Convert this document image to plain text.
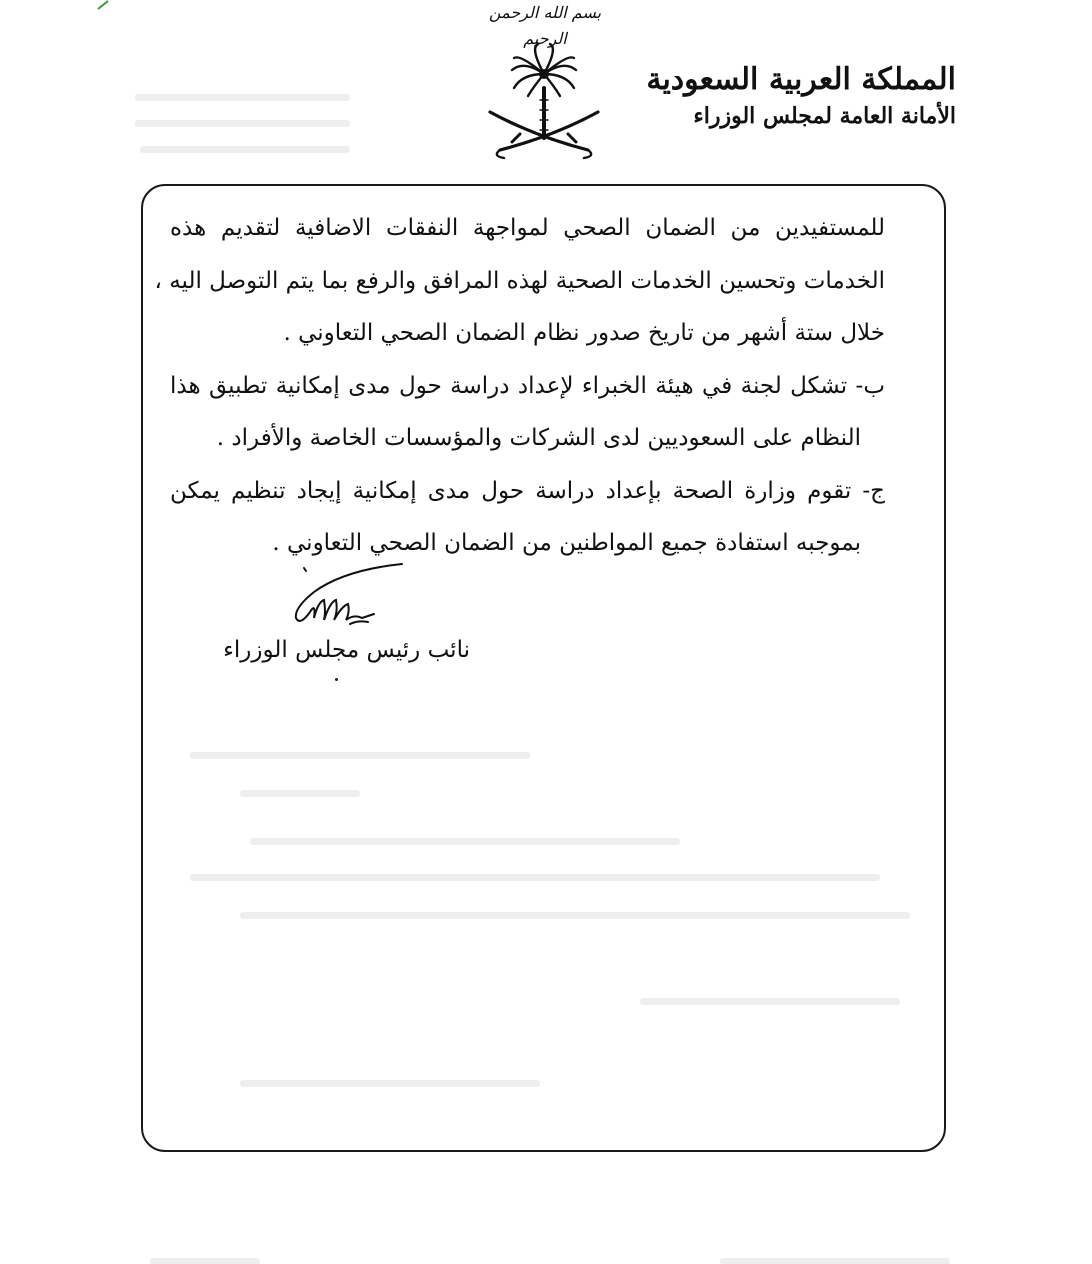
بسم الله الرحمن الرحيم
المملكة العربية السعودية
الأمانة العامة لمجلس الوزراء
للمستفيدين من الضمان الصحي لمواجهة النفقات الاضافية لتقديم هذه
الخدمات وتحسين الخدمات الصحية لهذه المرافق والرفع بما يتم التوصل اليه ،
خلال ستة أشهر من تاريخ صدور نظام الضمان الصحي التعاوني .
ب- تشكل لجنة في هيئة الخبراء لإعداد دراسة حول مدى إمكانية تطبيق هذا
النظام على السعوديين لدى الشركات والمؤسسات الخاصة والأفراد .
ج- تقوم وزارة الصحة بإعداد دراسة حول مدى إمكانية إيجاد تنظيم يمكن
بموجبه استفادة جميع المواطنين من الضمان الصحي التعاوني .
نائب رئيس مجلس الوزراء
